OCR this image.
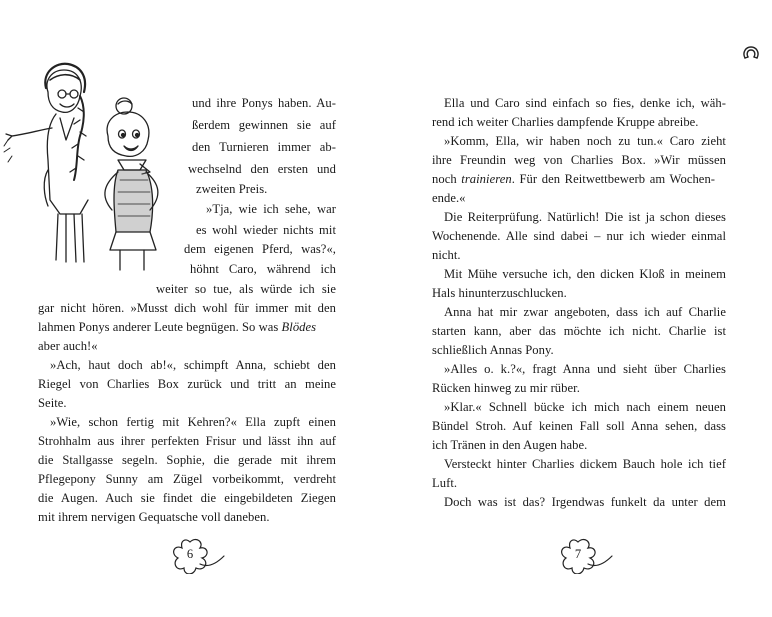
und ihre Ponys haben. Au-
ßerdem gewinnen sie auf
den Turnieren immer ab-
wechselnd den ersten und
zweiten Preis.
»Tja, wie ich sehe, war
es wohl wieder nichts mit
dem eigenen Pferd, was?«,
höhnt Caro, während ich
weiter so tue, als würde ich sie
gar nicht hören. »Musst dich wohl für immer mit den
lahmen Ponys anderer Leute begnügen. So was Blödes
aber auch!«
»Ach, haut doch ab!«, schimpft Anna, schiebt den
Riegel von Charlies Box zurück und tritt an meine
Seite.
»Wie, schon fertig mit Kehren?« Ella zupft einen
Strohhalm aus ihrer perfekten Frisur und lässt ihn auf
die Stallgasse segeln. Sophie, die gerade mit ihrem
Pflegepony Sunny am Zügel vorbeikommt, verdreht
die Augen. Auch sie findet die eingebildeten Ziegen
mit ihrem nervigen Gequatsche voll daneben.
6
Ella und Caro sind einfach so fies, denke ich, wäh-
rend ich weiter Charlies dampfende Kruppe abreibe.
»Komm, Ella, wir haben noch zu tun.« Caro zieht
ihre Freundin weg von Charlies Box. »Wir müssen
noch trainieren. Für den Reitwettbewerb am Wochen-
ende.«
Die Reiterprüfung. Natürlich! Die ist ja schon dieses
Wochenende. Alle sind dabei – nur ich wieder einmal
nicht.
Mit Mühe versuche ich, den dicken Kloß in meinem
Hals hinunterzuschlucken.
Anna hat mir zwar angeboten, dass ich auf Charlie
starten kann, aber das möchte ich nicht. Charlie ist
schließlich Annas Pony.
»Alles o. k.?«, fragt Anna und sieht über Charlies
Rücken hinweg zu mir rüber.
»Klar.« Schnell bücke ich mich nach einem neuen
Bündel Stroh. Auf keinen Fall soll Anna sehen, dass
ich Tränen in den Augen habe.
Versteckt hinter Charlies dickem Bauch hole ich tief
Luft.
Doch was ist das? Irgendwas funkelt da unter dem
7
